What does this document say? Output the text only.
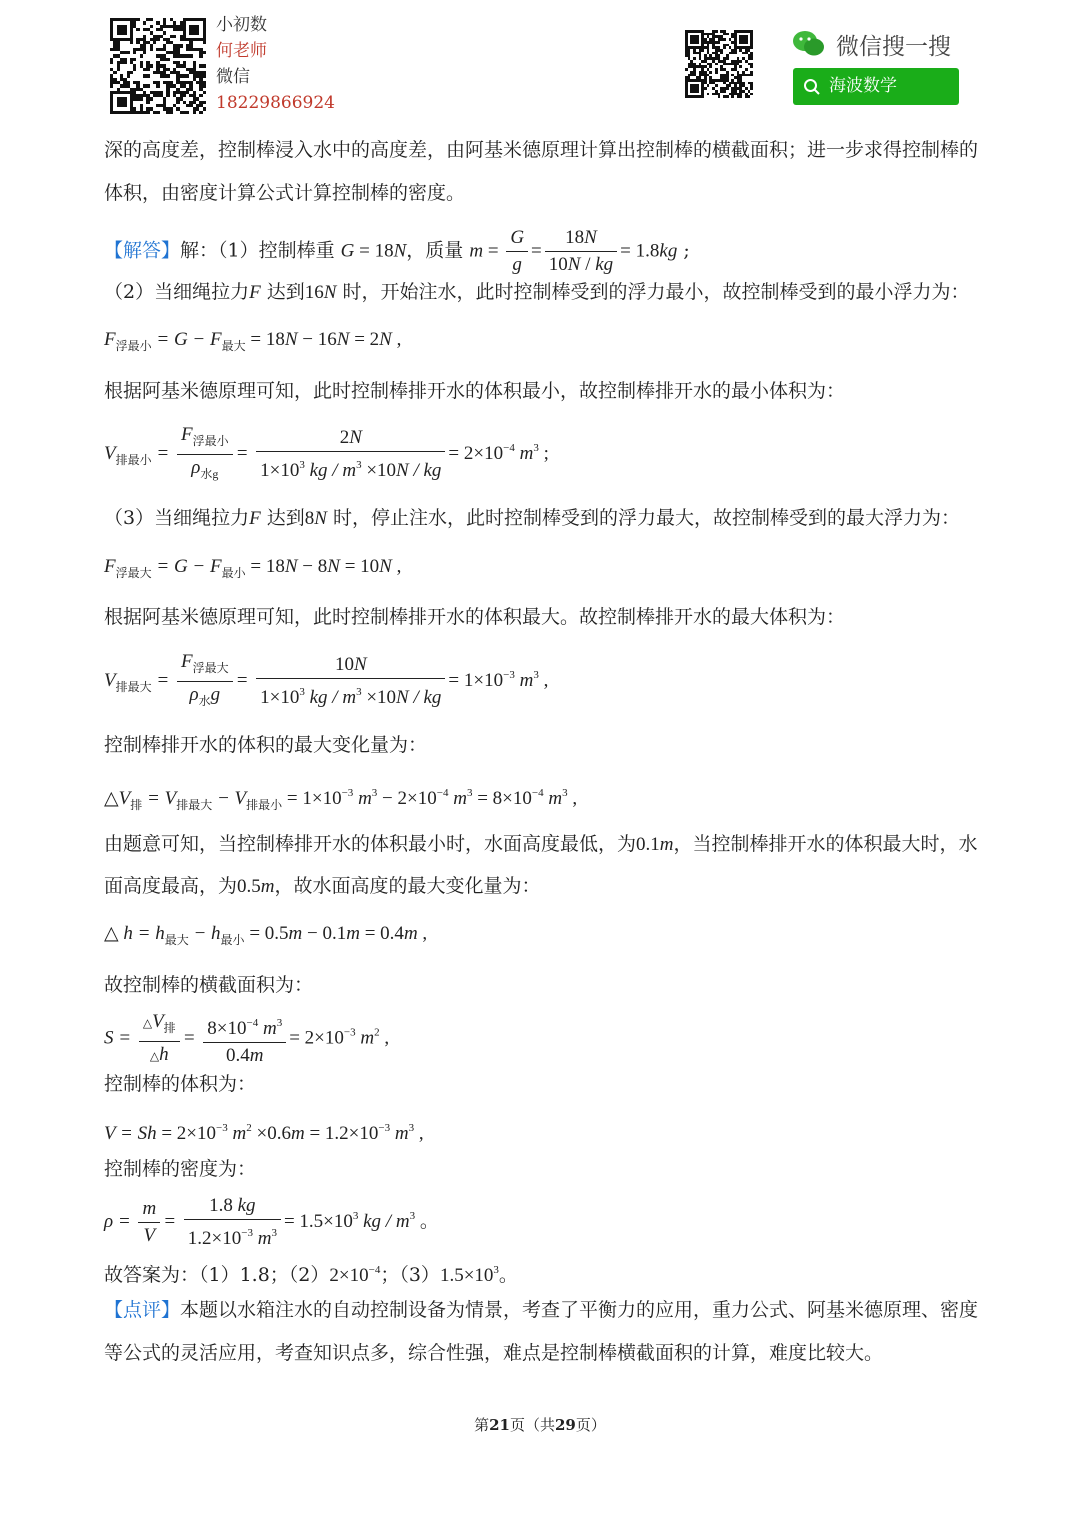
小初数
何老师
微信
18229866924
微信搜一搜
海波数学
深的高度差，控制棒浸入水中的高度差，由阿基米德原理计算出控制棒的横截面积；进一步求得控制棒的
体积，由密度计算公式计算控制棒的密度。
【解答】解：（1）控制棒重 G = 18N，质量 $m = \frac{G}{g} = \frac{18N}{10N / kg} = 1.8kg$ ;
（2）当细绳拉力F 达到16N 时，开始注水，此时控制棒受到的浮力最小，故控制棒受到的最小浮力为：
$F_{浮最小} = G - F_{最大} = 18N - 16N = 2N$ ,
根据阿基米德原理可知，此时控制棒排开水的体积最小，故控制棒排开水的最小体积为：
$V_{排最小} = \frac{F_{浮最小}}{\rho_{水g}} = \frac{2N}{1\times 10^3 kg / m^3 \times 10N / kg} = 2\times 10^{-4}$ $m^3$ ;
（3）当细绳拉力F 达到8N 时，停止注水，此时控制棒受到的浮力最大，故控制棒受到的最大浮力为：
$F_{浮最大} = G - F_{最小} = 18N - 8N = 10N$ ,
根据阿基米德原理可知，此时控制棒排开水的体积最大。故控制棒排开水的最大体积为：
$V_{排最大} = \frac{F_{浮最大}}{\rho_水g} = \frac{10N}{1\times 10^3 kg / m^3 \times 10N / kg} = 1\times 10^{-3}$ $m^3$ ,
控制棒排开水的体积的最大变化量为：
$\triangle V_排 = V_{排最大} - V_{排最小} = 1\times 10^{-3}$ $m^3 - 2\times 10^{-4}$ $m^3 = 8\times 10^{-4}$ $m^3$ ,
由题意可知，当控制棒排开水的体积最小时，水面高度最低，为0.1m，当控制棒排开水的体积最大时，水
面高度最高，为0.5m，故水面高度的最大变化量为：
△ $h = h_{最大} - h_{最小} = 0.5m - 0.1m = 0.4m$ ,
故控制棒的横截面积为：
$S = \frac{\triangle V_排}{\triangle h} = \frac{8\times 10^{-4} m^3}{0.4m} = 2\times 10^{-3}$ $m^2$ ,
控制棒的体积为：
$V = Sh = 2\times 10^{-3}$ $m^2 \times 0.6m = 1.2\times 10^{-3}$ $m^3$ ,
控制棒的密度为：
$\rho = \frac{m}{V} = \frac{1.8 kg}{1.2\times 10^{-3} m^3} = 1.5\times 10^3$ kg / $m^3$ 。
故答案为：（1）1.8；$(2)2\times 10^{-4}$；$(3)1.5\times 10^3$。
【点评】本题以水箱注水的自动控制设备为情景，考查了平衡力的应用，重力公式、阿基米德原理、密度
等公式的灵活应用，考查知识点多，综合性强，难点是控制棒横截面积的计算，难度比较大。
第21页（共29页）
